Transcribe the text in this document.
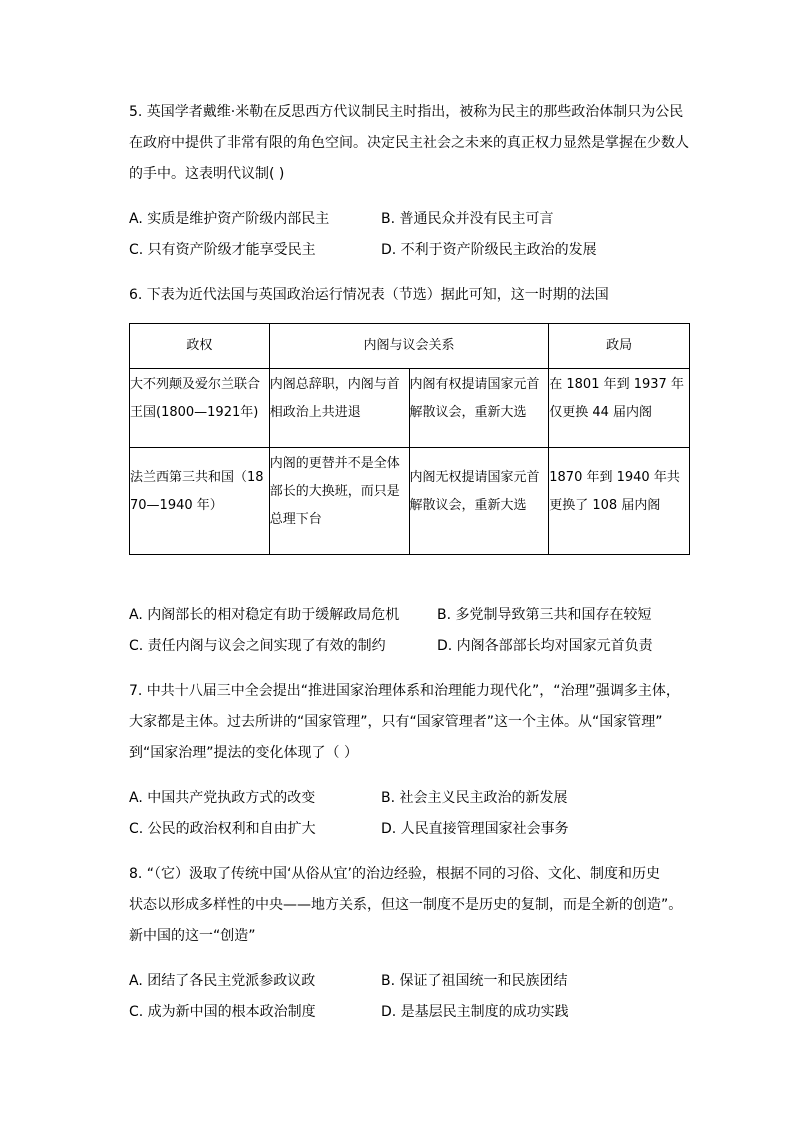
5. 英国学者戴维·米勒在反思西方代议制民主时指出，被称为民主的那些政治体制只为公民
在政府中提供了非常有限的角色空间。决定民主社会之未来的真正权力显然是掌握在少数人
的手中。这表明代议制( )
A. 实质是维护资产阶级内部民主	B. 普通民众并没有民主可言
C. 只有资产阶级才能享受民主	D. 不利于资产阶级民主政治的发展
6. 下表为近代法国与英国政治运行情况表（节选）据此可知，这一时期的法国
政权	内阁与议会关系		政局

大不列颠及爱尔兰联合王国(1800—1921年)	内阁总辞职，内阁与首相政治上共进退	内阁有权提请国家元首解散议会，重新大选	在 1801 年到 1937 年仅更换 44 届内阁

法兰西第三共和国（1870—1940 年）	内阁的更替并不是全体部长的大换班，而只是总理下台	内阁无权提请国家元首解散议会，重新大选	1870 年到 1940 年共更换了 108 届内阁
A. 内阁部长的相对稳定有助于缓解政局危机	B. 多党制导致第三共和国存在较短
C. 责任内阁与议会之间实现了有效的制约	D. 内阁各部部长均对国家元首负责
7. 中共十八届三中全会提出“推进国家治理体系和治理能力现代化”，“治理”强调多主体，
大家都是主体。过去所讲的“国家管理”，只有“国家管理者”这一个主体。从“国家管理”
到“国家治理”提法的变化体现了（ ）
A. 中国共产党执政方式的改变	B. 社会主义民主政治的新发展
C. 公民的政治权利和自由扩大	D. 人民直接管理国家社会事务
8. “（它）汲取了传统中国‘从俗从宜’的治边经验，根据不同的习俗、文化、制度和历史
状态以形成多样性的中央——地方关系，但这一制度不是历史的复制，而是全新的创造”。
新中国的这一“创造”
A. 团结了各民主党派参政议政	B. 保证了祖国统一和民族团结
C. 成为新中国的根本政治制度	D. 是基层民主制度的成功实践
